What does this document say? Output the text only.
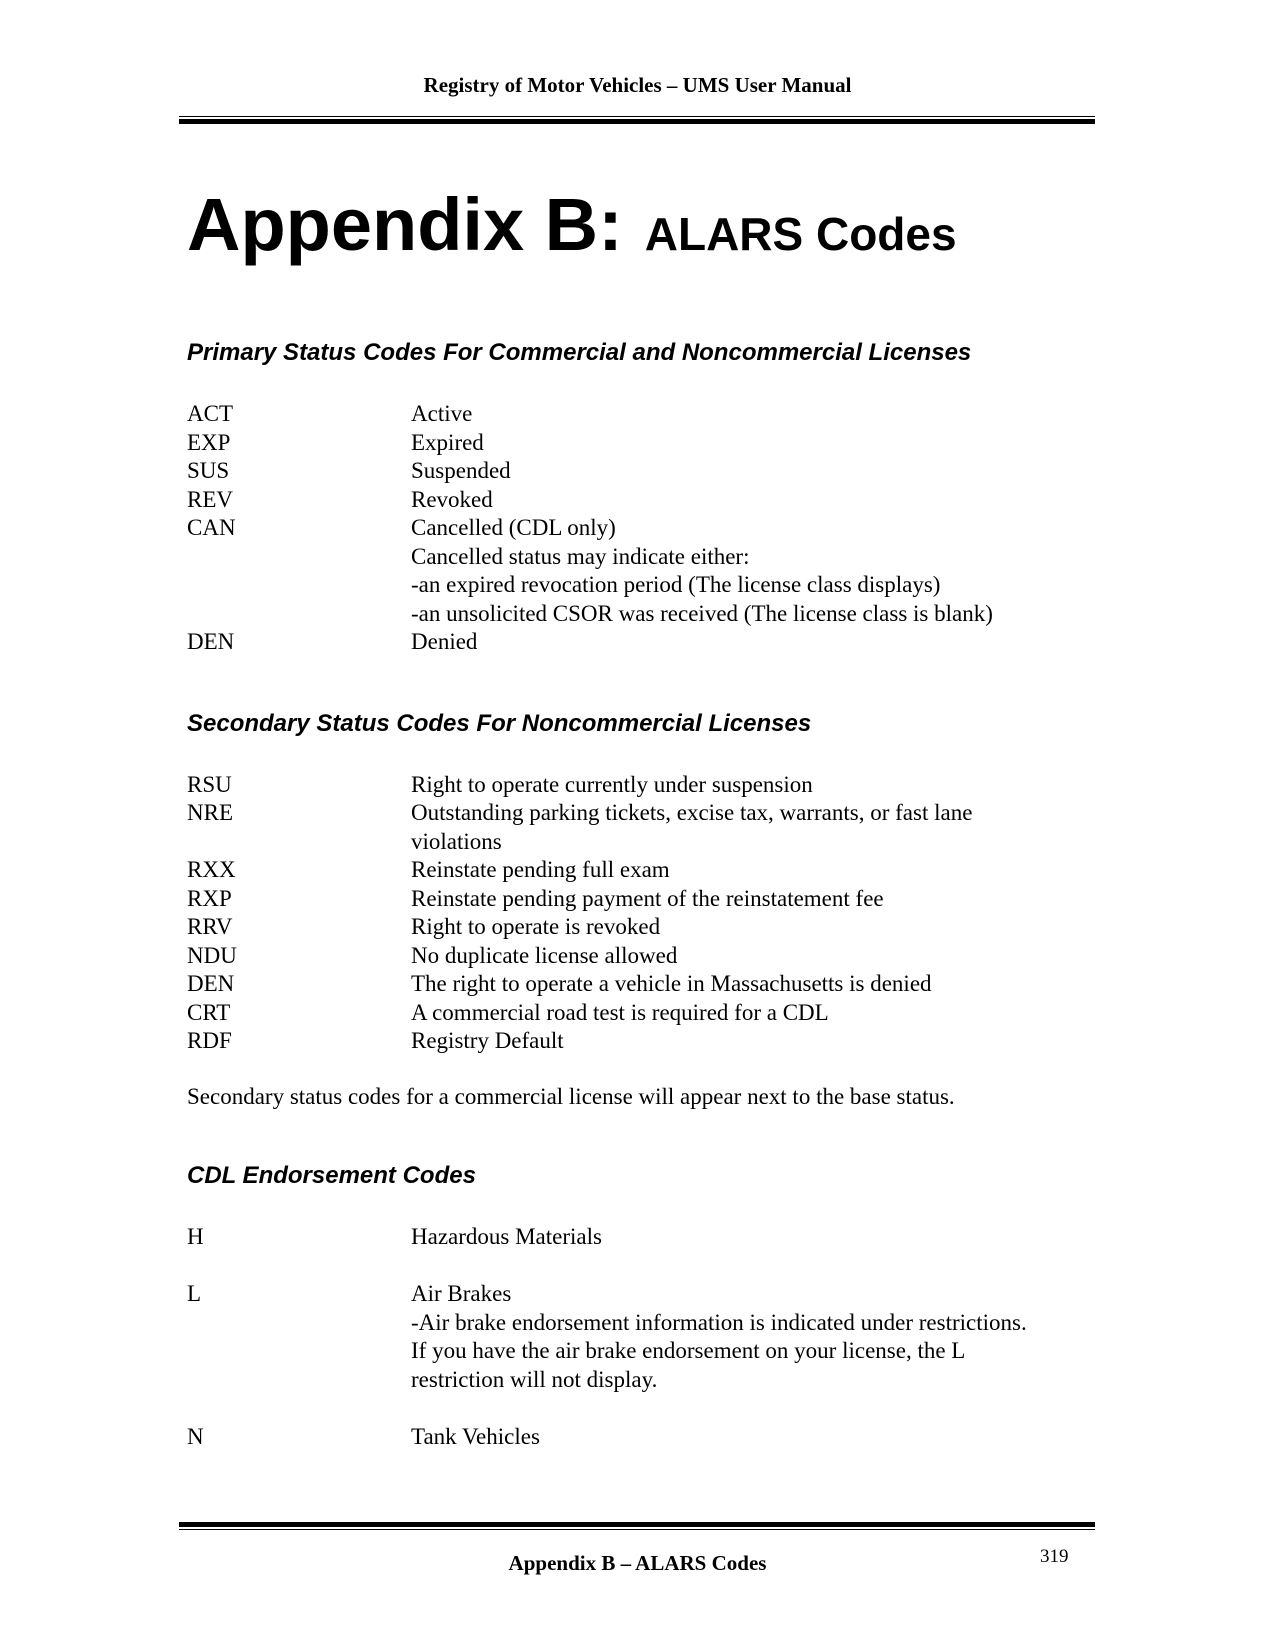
Registry of Motor Vehicles – UMS User Manual
Appendix B: ALARS Codes
Primary Status Codes For Commercial and Noncommercial Licenses
ACT	Active
EXP	Expired
SUS	Suspended
REV	Revoked
CAN	Cancelled (CDL only)
Cancelled status may indicate either:
-an expired revocation period (The license class displays)
-an unsolicited CSOR was received (The license class is blank)
DEN	Denied
Secondary Status Codes For Noncommercial Licenses
RSU	Right to operate currently under suspension
NRE	Outstanding parking tickets, excise tax, warrants, or fast lane
violations
RXX	Reinstate pending full exam
RXP	Reinstate pending payment of the reinstatement fee
RRV	Right to operate is revoked
NDU	No duplicate license allowed
DEN	The right to operate a vehicle in Massachusetts is denied
CRT	A commercial road test is required for a CDL
RDF	Registry Default

Secondary status codes for a commercial license will appear next to the base status.

CDL Endorsement Codes
H	Hazardous Materials
L	Air Brakes
-Air brake endorsement information is indicated under restrictions.
If you have the air brake endorsement on your license, the L
restriction will not display.
N	Tank Vehicles
Appendix B – ALARS Codes	319
